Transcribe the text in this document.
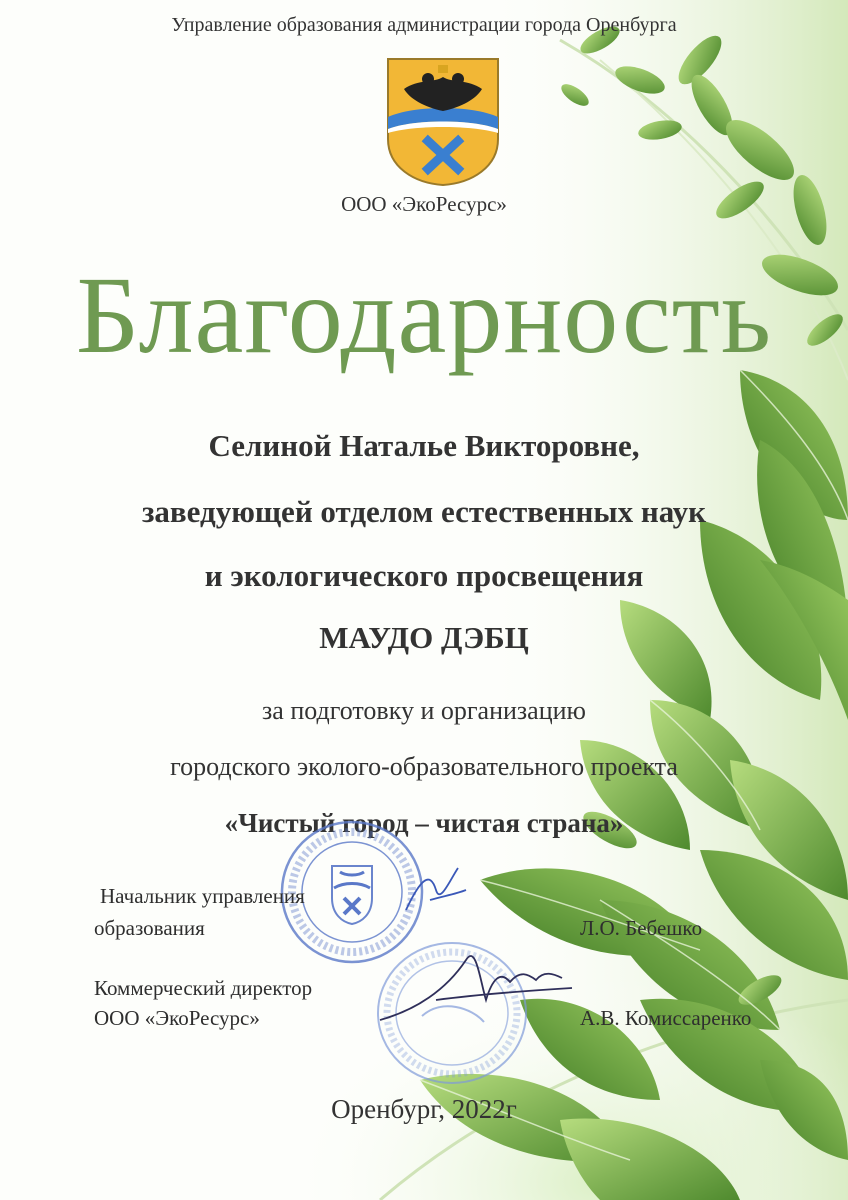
Управление образования администрации города Оренбурга
ООО «ЭкоРесурс»
Благодарность
Селиной Наталье Викторовне,
заведующей отделом естественных наук
и экологического просвещения
МАУДО ДЭБЦ
за подготовку и организацию
городского эколого-образовательного проекта
«Чистый город – чистая страна»
Начальник управления
образования	Л.О. Бебешко
Коммерческий директор
ООО «ЭкоРесурс»	А.В. Комиссаренко
Оренбург, 2022г
